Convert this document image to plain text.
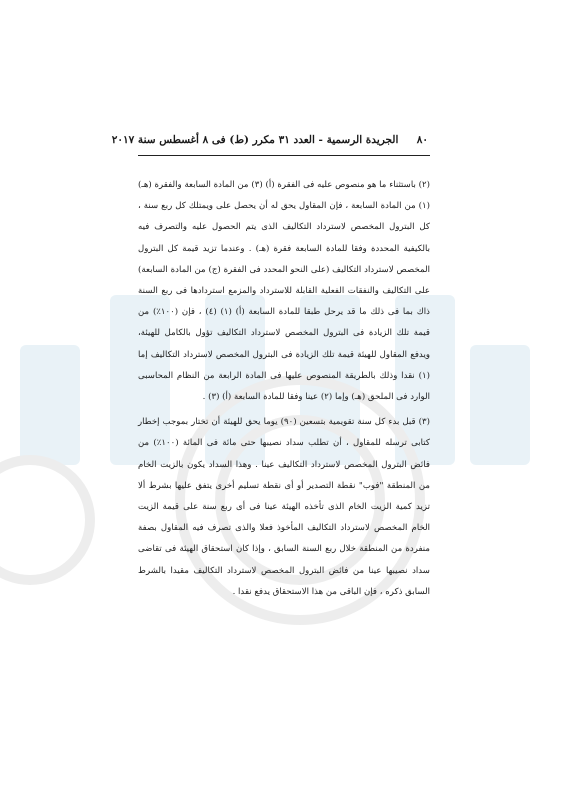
٨٠     الجريدة الرسمية - العدد ٣١ مكرر (ط) فى ٨ أغسطس سنة ٢٠١٧

(٢) باستثناء ما هو منصوص عليه فى الفقرة (أ) (٣) من المادة السابعة والفقرة (هـ) (١) من المادة السابعة ، فإن المقاول يحق له أن يحصل على ويمتلك كل ربع سنة ، كل البترول المخصص لاسترداد التكاليف الذى يتم الحصول عليه والتصرف فيه بالكيفية المحددة وفقا للمادة السابعة فقرة (هـ) . وعندما تزيد قيمة كل البترول المخصص لاسترداد التكاليف (على النحو المحدد فى الفقرة (ج) من المادة السابعة) على التكاليف والنفقات الفعلية القابلة للاسترداد والمزمع استردادها فى ربع السنة ذاك بما فى ذلك ما قد يرحل طبقا للمادة السابعة (أ) (١) (٤) ، فإن (١٠٠٪) من قيمة تلك الزيادة فى البترول المخصص لاسترداد التكاليف تؤول بالكامل للهيئة، ويدفع المقاول للهيئة قيمة تلك الزيادة فى البترول المخصص لاسترداد التكاليف إما (١) نقدا وذلك بالطريقة المنصوص عليها فى المادة الرابعة من النظام المحاسبى الوارد فى الملحق (هـ) وإما (٢) عينا وفقا للمادة السابعة (أ) (٣) .

(٣) قبل بدء كل سنة تقويمية بتسعين (٩٠) يوما يحق للهيئة أن تختار بموجب إخطار كتابى ترسله للمقاول ، أن تطلب سداد نصيبها حتى مائة فى المائة (١٠٠٪) من فائض البترول المخصص لاسترداد التكاليف عينا . وهذا السداد يكون بالزيت الخام من المنطقة "فوب" نقطة التصدير أو أى نقطة تسليم أخرى يتفق عليها بشرط ألا تزيد كمية الزيت الخام الذى تأخذه الهيئة عينا فى أى ربع سنة على قيمة الزيت الخام المخصص لاسترداد التكاليف المأخوذ فعلا والذى تصرف فيه المقاول بصفة منفردة من المنطقة خلال ربع السنة السابق ، وإذا كان استحقاق الهيئة فى تقاضى سداد نصيبها عينا من فائض البترول المخصص لاسترداد التكاليف مقيدا بالشرط السابق ذكره ، فإن الباقى من هذا الاستحقاق يدفع نقدا .
